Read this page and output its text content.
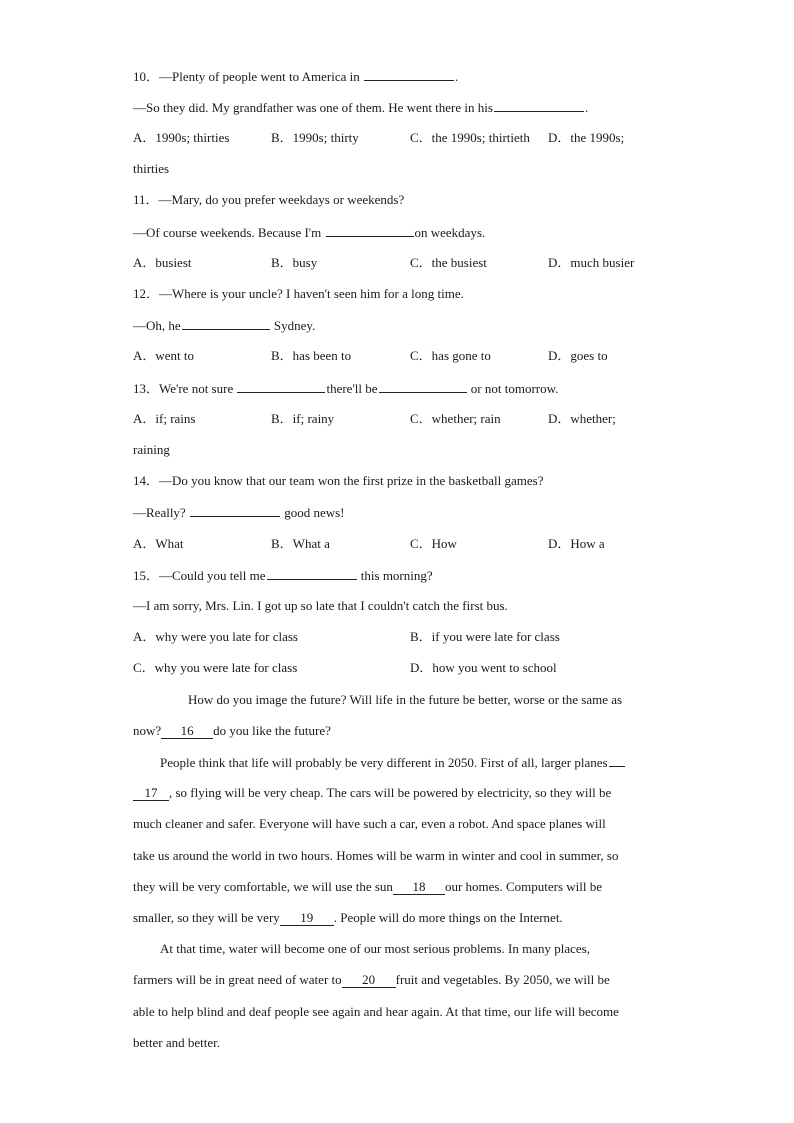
10．—Plenty of people went to America in	.
—So they did. My grandfather was one of them. He went there in his	.
A．1990s; thirties	B．1990s; thirty	C．the 1990s; thirtieth D．the 1990s;
thirties
11．—Mary, do you prefer weekdays or weekends?
—Of course weekends. Because I'm	on weekdays.
A．busiest	B．busy	C．the busiest	D．much busier
12．—Where is your uncle? I haven't seen him for a long time.
—Oh, he	Sydney.
A．went to	B．has been to	C．has gone to	D．goes to
13．We're not sure	there'll be	or not tomorrow.
A．if; rains	B．if; rainy	C．whether; rain	D．whether;
raining
14．—Do you know that our team won the first prize in the basketball games?
—Really?	good news!
A．What	B．What a	C．How	D．How a
15．—Could you tell me	this morning?
—I am sorry, Mrs. Lin. I got up so late that I couldn't catch the first bus.
A．why were you late for class	B．if you were late for class
C．why you were late for class	D．how you went to school
How do you image the future? Will life in the future be better, worse or the same as
now? 16 do you like the future?
People think that life will probably be very different in 2050. First of all, larger planes
17 , so flying will be very cheap. The cars will be powered by electricity, so they will be
much cleaner and safer. Everyone will have such a car, even a robot. And space planes will
take us around the world in two hours. Homes will be warm in winter and cool in summer, so
they will be very comfortable, we will use the sun 18 our homes. Computers will be
smaller, so they will be very 19 . People will do more things on the Internet.
At that time, water will become one of our most serious problems. In many places,
farmers will be in great need of water to 20 fruit and vegetables. By 2050, we will be
able to help blind and deaf people see again and hear again. At that time, our life will become
better and better.
